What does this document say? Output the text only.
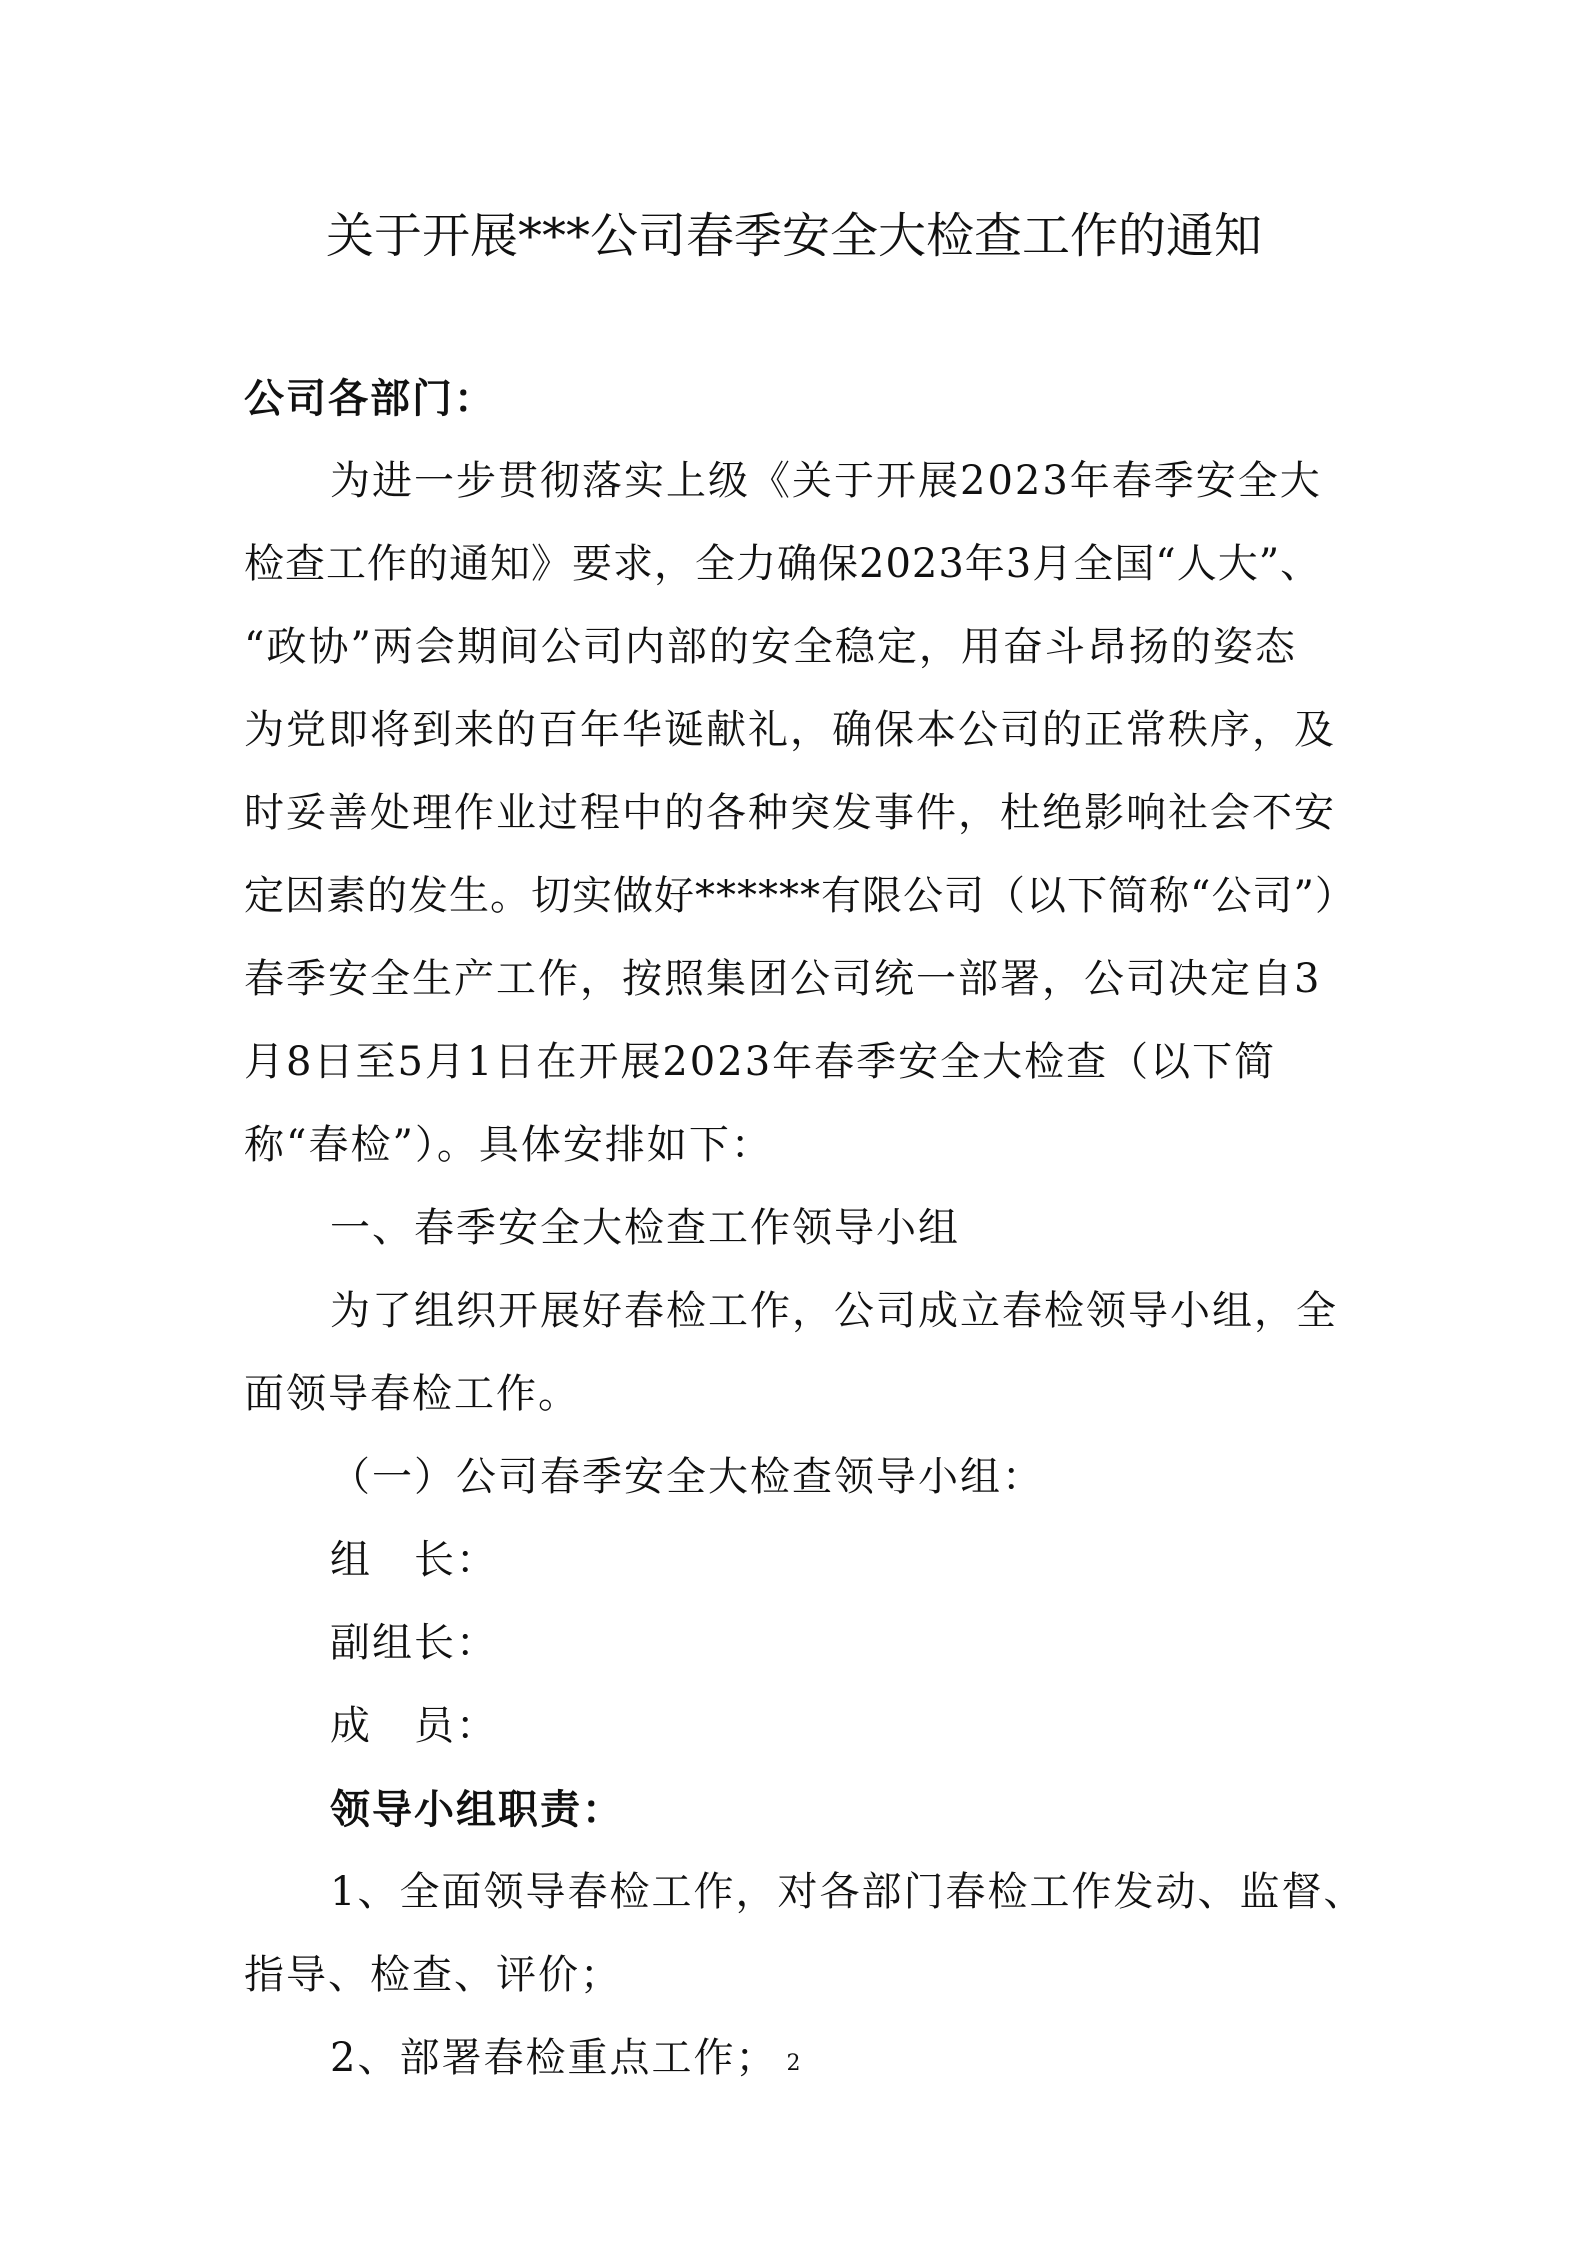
关于开展***公司春季安全大检查工作的通知
公司各部门：
为进一步贯彻落实上级《关于开展2023年春季安全大
检查工作的通知》要求，全力确保2023年3月全国“人大”、
“政协”两会期间公司内部的安全稳定，用奋斗昂扬的姿态
为党即将到来的百年华诞献礼，确保本公司的正常秩序，及
时妥善处理作业过程中的各种突发事件，杜绝影响社会不安
定因素的发生。切实做好******有限公司（以下简称“公司”）
春季安全生产工作，按照集团公司统一部署，公司决定自3
月8日至5月1日在开展2023年春季安全大检查（以下简
称“春检”）。具体安排如下：
一、春季安全大检查工作领导小组
为了组织开展好春检工作，公司成立春检领导小组，全
面领导春检工作。
（一）公司春季安全大检查领导小组：
组　长：
副组长：
成　员：
领导小组职责：
1、全面领导春检工作，对各部门春检工作发动、监督、
指导、检查、评价；
2、部署春检重点工作； 2
